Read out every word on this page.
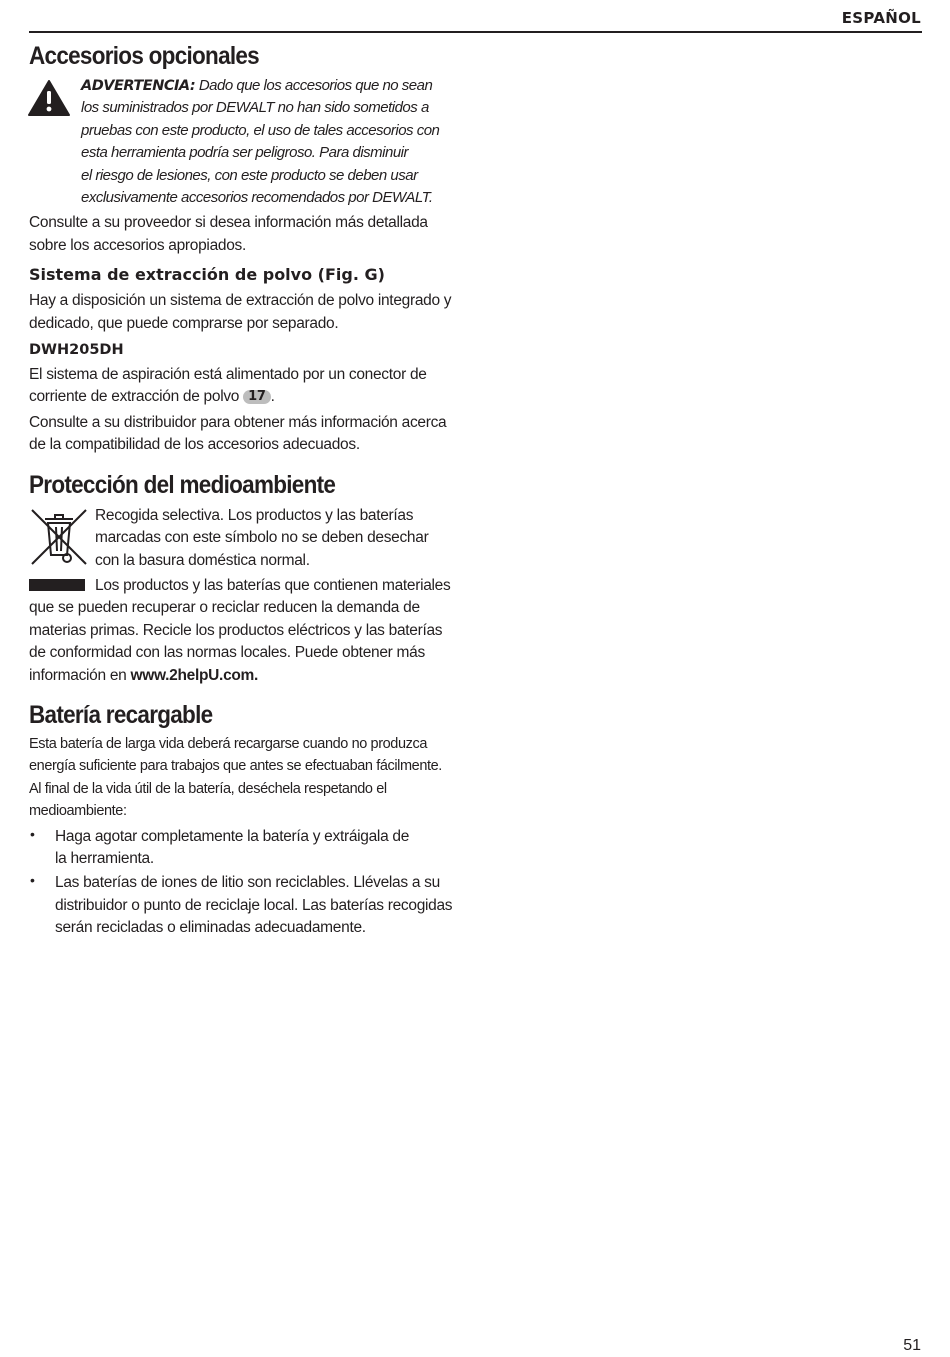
ESPAÑOL
Accesorios opcionales

ADVERTENCIA: Dado que los accesorios que no sean

los suministrados por DEWALT no han sido sometidos a

pruebas con este producto, el uso de tales accesorios con

esta herramienta podría ser peligroso. Para disminuir

el riesgo de lesiones, con este producto se deben usar

exclusivamente accesorios recomendados por DEWALT.

Consulte a su proveedor si desea información más detallada

sobre los accesorios apropiados.

Sistema de extracción de polvo (Fig. G)

Hay a disposición un sistema de extracción de polvo integrado y

dedicado, que puede comprarse por separado.

DWH205DH

El sistema de aspiración está alimentado por un conector de

corriente de extracción de polvo 17 .

Consulte a su distribuidor para obtener más información acerca

de la compatibilidad de los accesorios adecuados.

Protección del medioambiente

Recogida selectiva. Los productos y las baterías

marcadas con este símbolo no se deben desechar

con la basura doméstica normal.

Los productos y las baterías que contienen materiales

que se pueden recuperar o reciclar reducen la demanda de

materias primas. Recicle los productos eléctricos y las baterías

de conformidad con las normas locales. Puede obtener más

información en www.2helpU.com.

Batería recargable

Esta batería de larga vida deberá recargarse cuando no produzca

energía suficiente para trabajos que antes se efectuaban fácilmente.

Al final de la vida útil de la batería, deséchela respetando el

medioambiente:

• Haga agotar completamente la batería y extráigala de

la herramienta.

• Las baterías de iones de litio son reciclables. Llévelas a su

distribuidor o punto de reciclaje local. Las baterías recogidas

serán recicladas o eliminadas adecuadamente.

51
